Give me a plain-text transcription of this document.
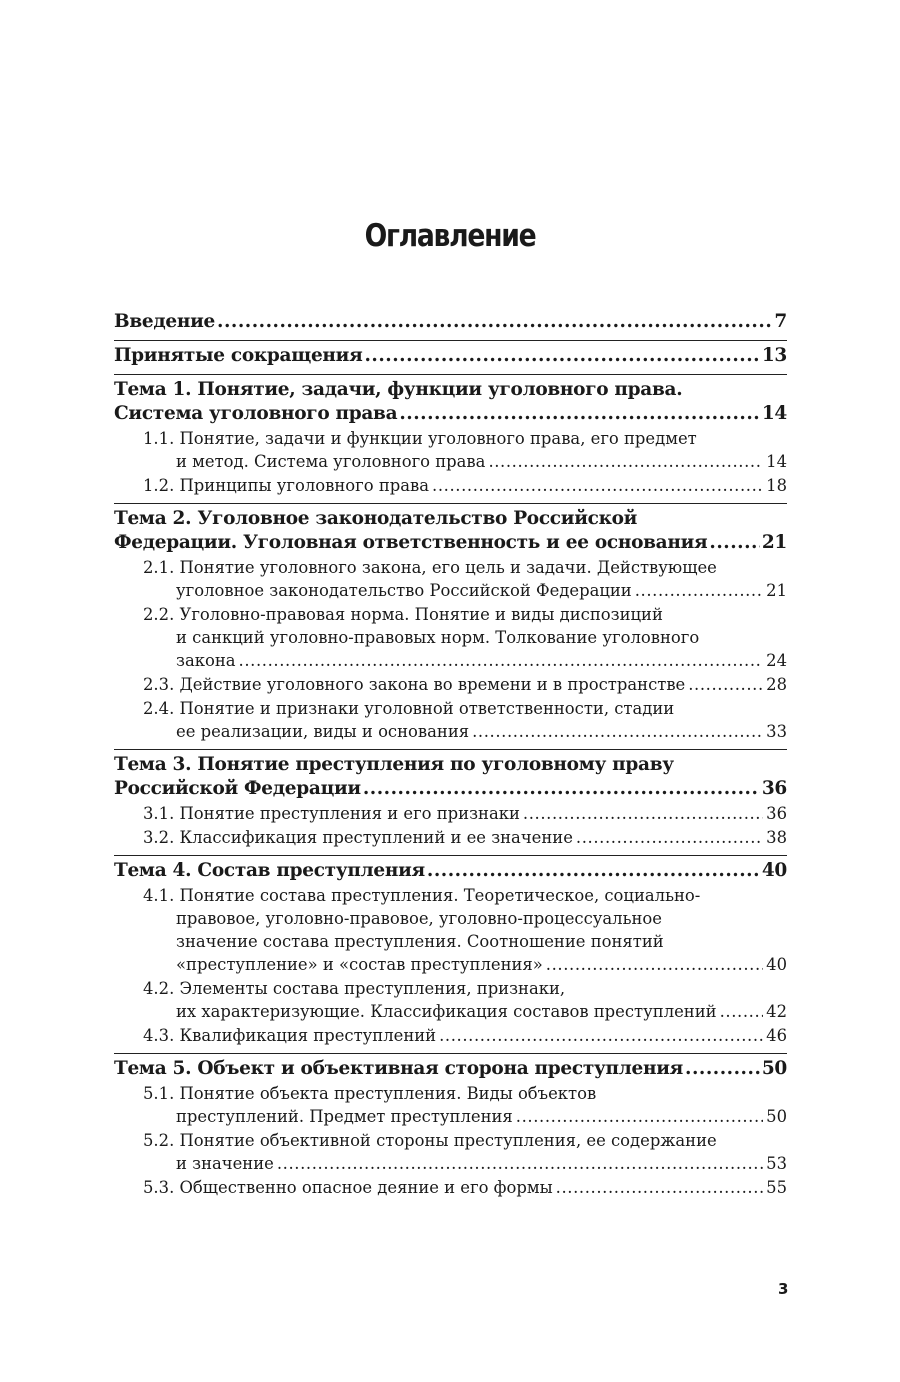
Оглавление
Введение .....	7
Принятые сокращения .....	13
Тема 1. Понятие, задачи, функции уголовного права.
Система уголовного права .....	14
1.1. Понятие, задачи и функции уголовного права, его предмет
и метод. Система уголовного права .....	14
1.2. Принципы уголовного права .....	18
Тема 2. Уголовное законодательство Российской
Федерации. Уголовная ответственность и ее основания .....	21
2.1. Понятие уголовного закона, его цель и задачи. Действующее
уголовное законодательство Российской Федерации .....	21
2.2. Уголовно-правовая норма. Понятие и виды диспозиций
и санкций уголовно-правовых норм. Толкование уголовного
закона .....	24
2.3. Действие уголовного закона во времени и в пространстве .....	28
2.4. Понятие и признаки уголовной ответственности, стадии
ее реализации, виды и основания .....	33
Тема 3. Понятие преступления по уголовному праву
Российской Федерации .....	36
3.1. Понятие преступления и его признаки .....	36
3.2. Классификация преступлений и ее значение .....	38
Тема 4. Состав преступления .....	40
4.1. Понятие состава преступления. Теоретическое, социально-
правовое, уголовно-правовое, уголовно-процессуальное
значение состава преступления. Соотношение понятий
«преступление» и «состав преступления» .....	40
4.2. Элементы состава преступления, признаки,
их характеризующие. Классификация составов преступлений .....	42
4.3. Квалификация преступлений .....	46
Тема 5. Объект и объективная сторона преступления .....	50
5.1. Понятие объекта преступления. Виды объектов
преступлений. Предмет преступления .....	50
5.2. Понятие объективной стороны преступления, ее содержание
и значение .....	53
5.3. Общественно опасное деяние и его формы .....	55
3
